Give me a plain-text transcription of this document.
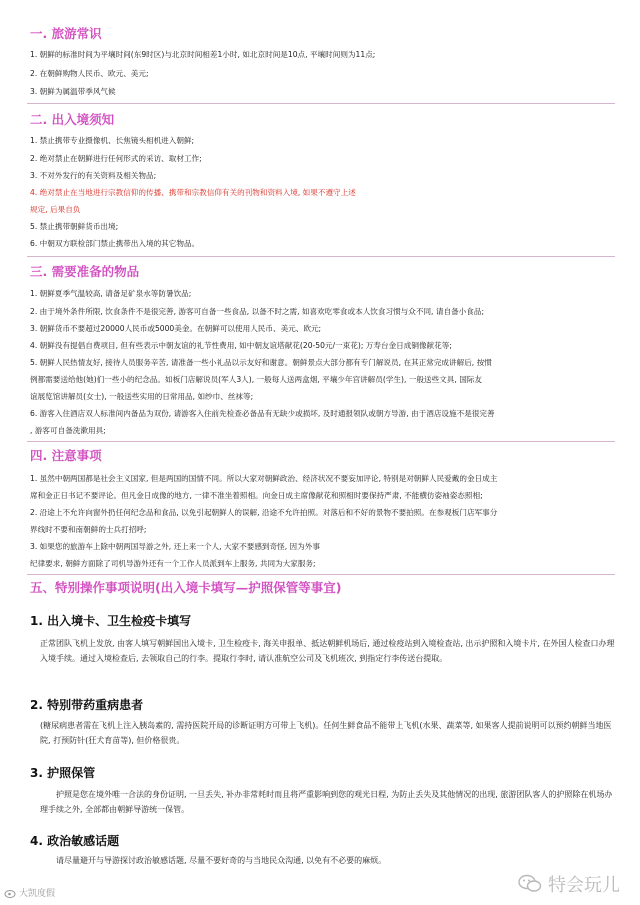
一. 旅游常识
1. 朝鲜的标准时间为平壤时间(东9时区)与北京时间相差1小时, 如北京时间是10点, 平壤时间则为11点;
2. 在朝鲜购物人民币、欧元、美元;
3. 朝鲜为属温带季风气候
二. 出入境须知
1. 禁止携带专业摄像机、长焦镜头相机进入朝鲜;
2. 绝对禁止在朝鲜进行任何形式的采访、取材工作;
3. 不对外发行的有关资料及相关物品;
4. 绝对禁止在当地进行宗教信仰的传播、携带和宗教信仰有关的刊物和资料入境, 如果不遵守上述
规定, 后果自负
5. 禁止携带朝鲜货币出境;
6. 中朝双方联检部门禁止携带出入境的其它物品。
三. 需要准备的物品
1. 朝鲜夏季气温较高, 请备足矿泉水等防暑饮品;
2. 由于境外条件所限, 饮食条件不是很完善, 游客可自备一些食品, 以备不时之需, 如喜欢吃零食或本人饮食习惯与众不同, 请自备小食品;
3. 朝鲜货币不要超过20000人民币或5000美金。在朝鲜可以使用人民币、美元、欧元;
4. 朝鲜没有提倡自费项目, 但有些表示中朝友谊的礼节性费用, 如中朝友谊塔献花(20-50元/一束花); 万寿台金日成铜像献花等;
5. 朝鲜人民热情友好, 接待人员服务辛苦, 请准备一些小礼品以示友好和谢意。朝鲜景点大部分都有专门解说员, 在其正常完成讲解后, 按惯
例都需要送给他(她)们一些小的纪念品。如板门店解说员(军人3人), 一般每人送两盒烟, 平壤少年宫讲解员(学生), 一般送些文具, 国际友
谊展览馆讲解员(女士), 一般送些实用的日常用品, 如纱巾、丝袜等;
6. 游客入住酒店双人标准间内备品为双份, 请游客入住前先检查必备品有无缺少或损坏, 及时通报领队或朝方导游, 由于酒店设施不是很完善
, 游客可自备洗漱用具;
四. 注意事项
1. 虽然中朝两国都是社会主义国家, 但是两国的国情不同。所以大家对朝鲜政治、经济状况不要妄加评论, 特别是对朝鲜人民爱戴的金日成主
席和金正日书记不要评论。但凡金日成像的地方, 一律不准坐着照相。向金日成主席像献花和照相时要保持严肃, 不能横仿姿袖姿态照相;
2. 沿途上不允许向窗外扔任何纪念品和食品, 以免引起朝鲜人的误解, 沿途不允许拍照。对落后和不好的景物不要拍照。在参观板门店军事分
界线时不要和南朝鲜的士兵打招呼;
3. 如果您的旅游车上除中朝两国导游之外, 还上来一个人, 大家不要感到奇怪, 因为外事
纪律要求, 朝鲜方面除了司机导游外还有一个工作人员派到车上服务, 共同为大家服务;
五、特别操作事项说明(出入境卡填写—护照保管等事宜)
1. 出入境卡、卫生检疫卡填写
正常团队飞机上发放, 由客人填写朝鲜国出入境卡, 卫生检疫卡, 海关申报单、抵达朝鲜机场后, 通过检疫站到入境检查站, 出示护照和入境卡片, 在外国人检查口办理入境手续。通过入境检查后, 去领取自己的行李。提取行李时, 请认准航空公司及飞机班次, 到指定行李传送台提取。
2. 特别带药重病患者
(糖尿病患者需在飞机上注入胰岛素的, 需持医院开局的诊断证明方可带上飞机)。任何生鲜食品不能带上飞机(水果、蔬菜等, 如果客人提前说明可以预约朝鲜当地医院, 打预防针(狂犬育苗等), 但价格很贵。
3. 护照保管
护照是您在境外唯一合法的身份证明, 一旦丢失, 补办非常耗时而且将严重影响到您的观光日程, 为防止丢失及其他情况的出现, 旅游团队客人的护照除在机场办理手续之外, 全部都由朝鲜导游统一保管。
4. 政治敏感话题
请尽量避开与导游探讨政治敏感话题, 尽量不要好奇的与当地民众沟通, 以免有不必要的麻烦。
大凯度假	特会玩儿
